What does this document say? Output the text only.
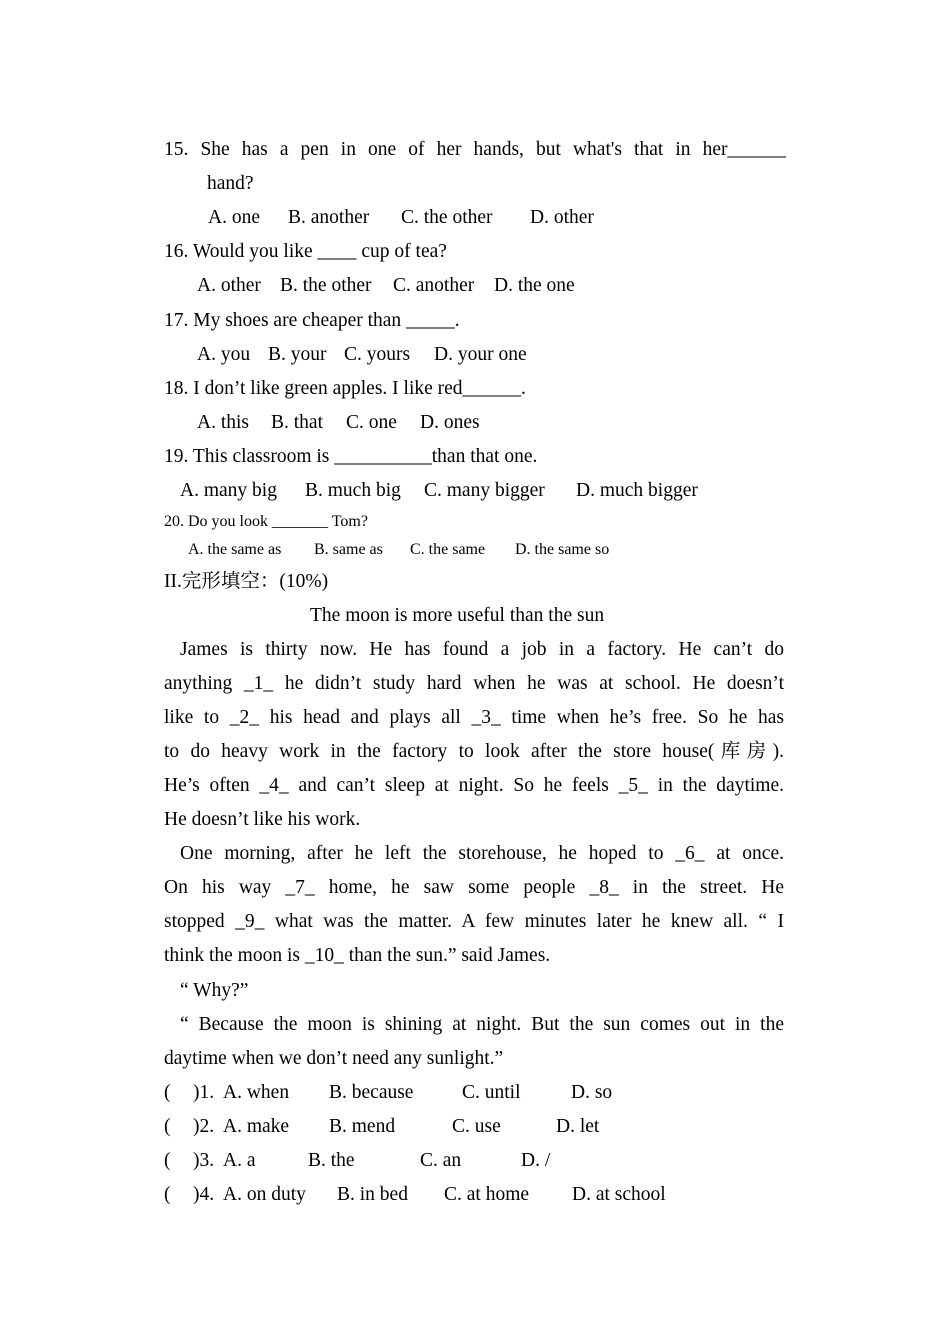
15. She has a pen in one of her hands, but what's that in her______
hand?
A. one B. another C. the other D. other
16. Would you like ____ cup of tea?
A. other B. the other C. another D. the one
17. My shoes are cheaper than _____.
A. you B. your C. yours D. your one
18. I don’t like green apples. I like red______.
A. this B. that C. one D. ones
19. This classroom is __________than that one.
A. many big B. much big C. many bigger D. much bigger
20. Do you look _______ Tom?
A. the same as B. same as C. the same D. the same so
II.完形填空：(10%)
The moon is more useful than the sun
James is thirty now. He has found a job in a factory. He can’t do
anything _1_ he didn’t study hard when he was at school. He doesn’t
like to _2_ his head and plays all _3_ time when he’s free. So he has
to do heavy work in the factory to look after the store house(库房).
He’s often _4_ and can’t sleep at night. So he feels _5_ in the daytime.
He doesn’t like his work.
One morning, after he left the storehouse, he hoped to _6_ at once.
On his way _7_ home, he saw some people _8_ in the street. He
stopped _9_ what was the matter. A few minutes later he knew all. “ I
think the moon is _10_ than the sun.” said James.
“ Why?”
“ Because the moon is shining at night. But the sun comes out in the
daytime when we don’t need any sunlight.”
( )1. A. when B. because C. until	D. so
( )2. A. make B. mend	C. use	D. let
( )3. A. a	B. the	C. an	D. /
( )4. A. on duty B. in bed C. at home D. at school
